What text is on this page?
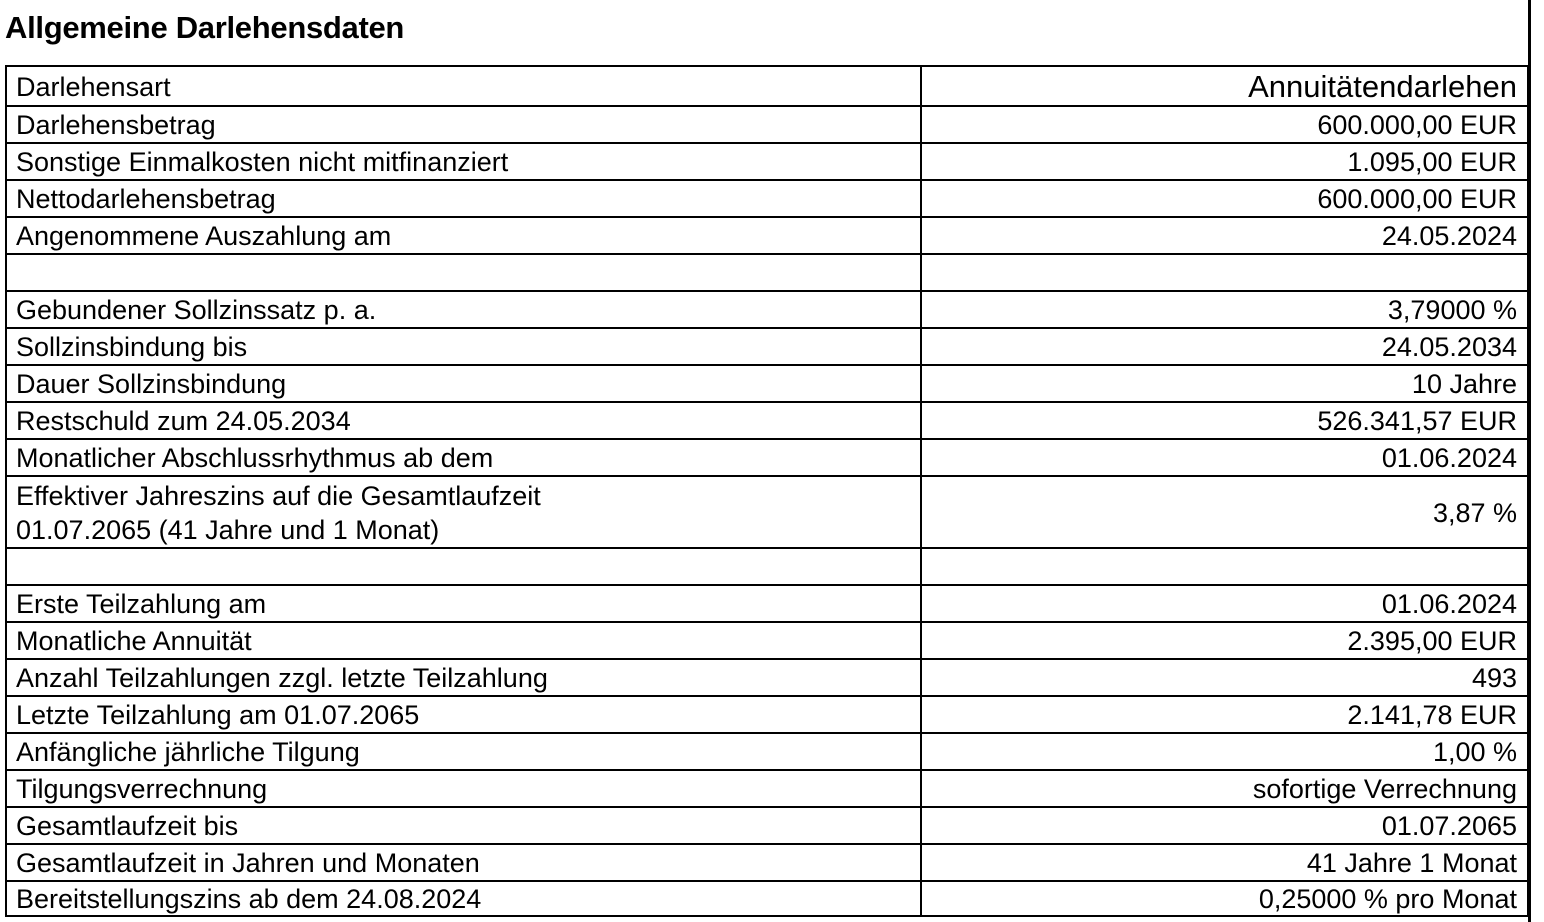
Allgemeine Darlehensdaten
Darlehensart	Annuitätendarlehen
Darlehensbetrag	600.000,00 EUR
Sonstige Einmalkosten nicht mitfinanziert	1.095,00 EUR
Nettodarlehensbetrag	600.000,00 EUR
Angenommene Auszahlung am	24.05.2024

Gebundener Sollzinssatz p. a.	3,79000 %
Sollzinsbindung bis	24.05.2034
Dauer Sollzinsbindung	10 Jahre
Restschuld zum 24.05.2034	526.341,57 EUR
Monatlicher Abschlussrhythmus ab dem	01.06.2024
Effektiver Jahreszins auf die Gesamtlaufzeit
01.07.2065 (41 Jahre und 1 Monat)	3,87 %

Erste Teilzahlung am	01.06.2024
Monatliche Annuität	2.395,00 EUR
Anzahl Teilzahlungen zzgl. letzte Teilzahlung	493
Letzte Teilzahlung am 01.07.2065	2.141,78 EUR
Anfängliche jährliche Tilgung	1,00 %
Tilgungsverrechnung	sofortige Verrechnung
Gesamtlaufzeit bis	01.07.2065
Gesamtlaufzeit in Jahren und Monaten	41 Jahre 1 Monat
Bereitstellungszins ab dem 24.08.2024	0,25000 % pro Monat
